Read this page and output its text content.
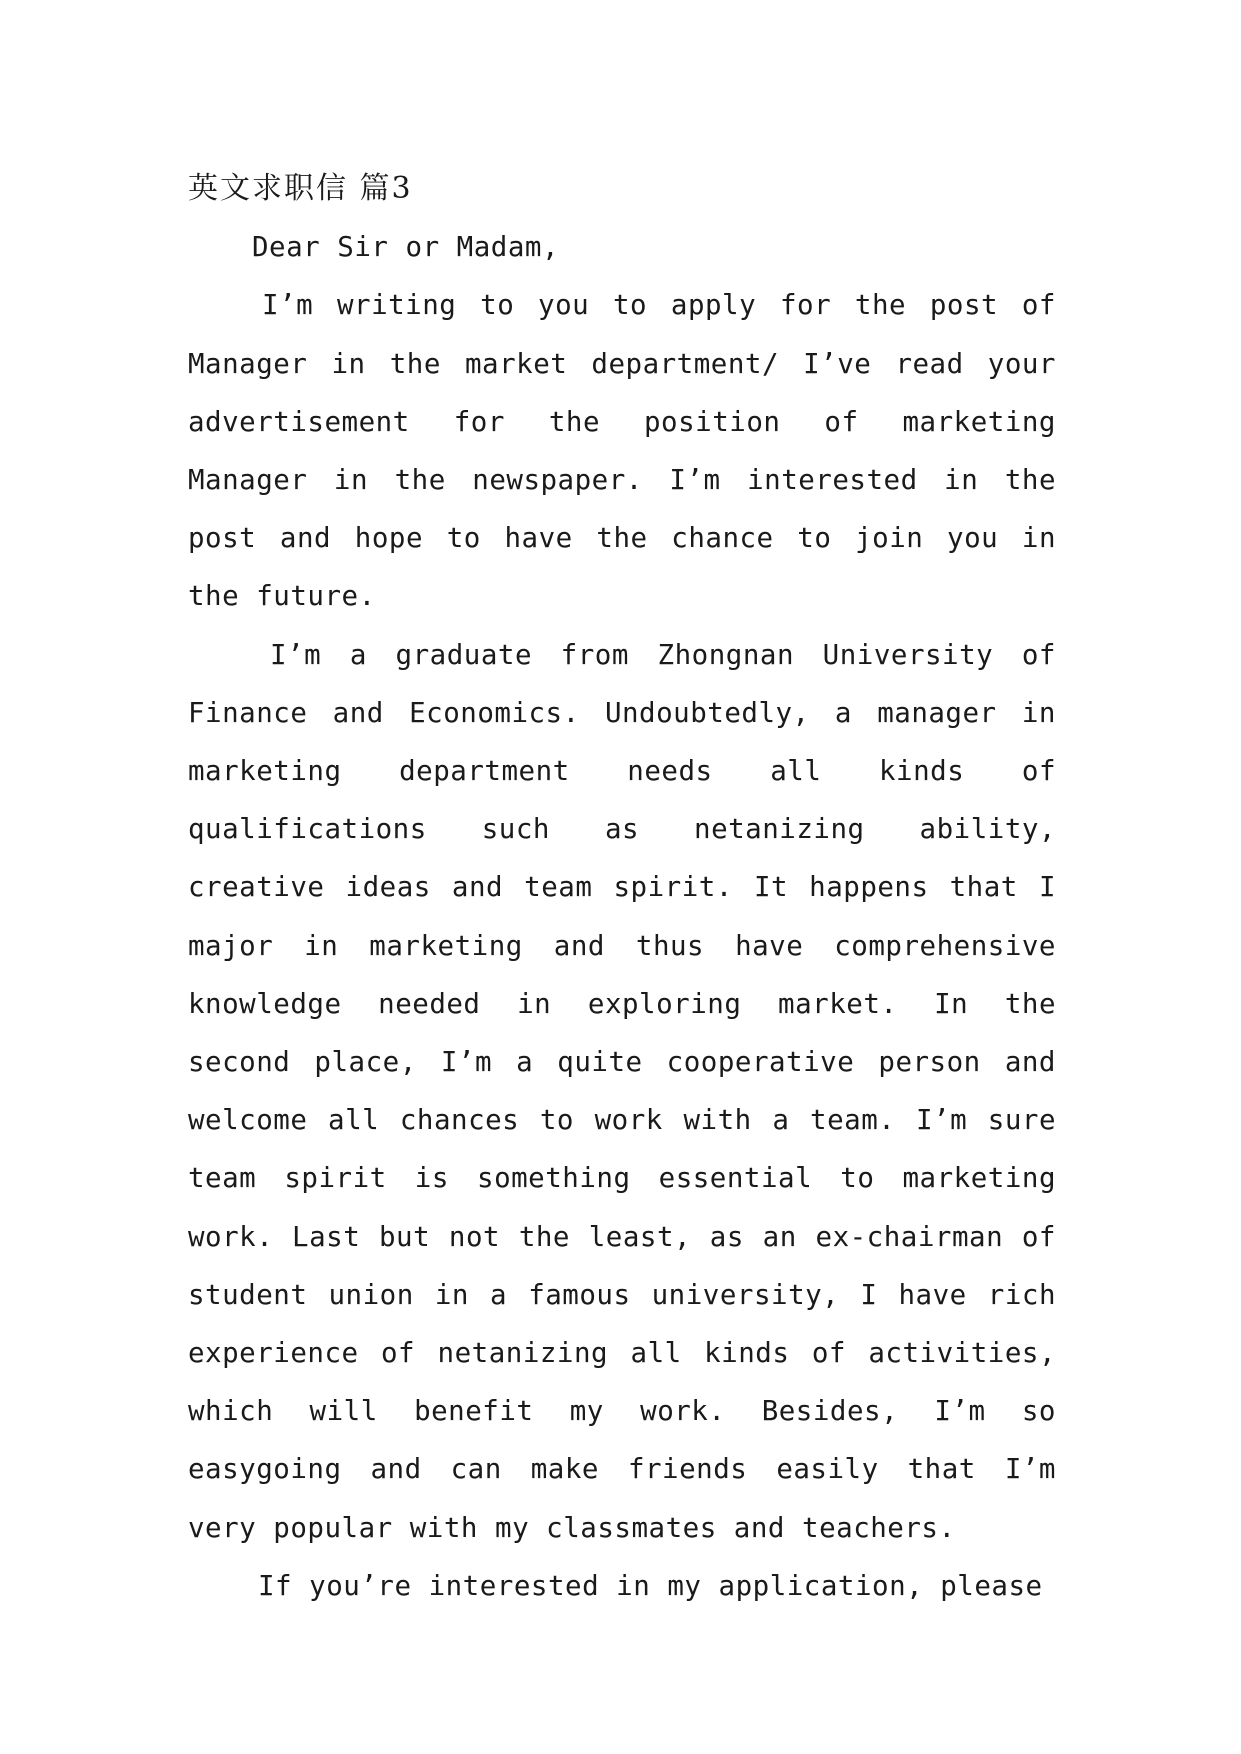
英文求职信 篇3

Dear Sir or Madam,

I’m writing to you to apply for the post of Manager in the market department/ I’ve read your advertisement for the position of marketing Manager in the newspaper. I’m interested in the post and hope to have the chance to join you in the future.

I’m a graduate from Zhongnan University of Finance and Economics. Undoubtedly, a manager in marketing department needs all kinds of qualifications such as netanizing ability, creative ideas and team spirit. It happens that I major in marketing and thus have comprehensive knowledge needed in exploring market. In the second place, I’m a quite cooperative person and welcome all chances to work with a team. I’m sure team spirit is something essential to marketing work. Last but not the least, as an ex-chairman of student union in a famous university, I have rich experience of netanizing all kinds of activities, which will benefit my work. Besides, I’m so easygoing and can make friends easily that I’m very popular with my classmates and teachers.

If you’re interested in my application, please
